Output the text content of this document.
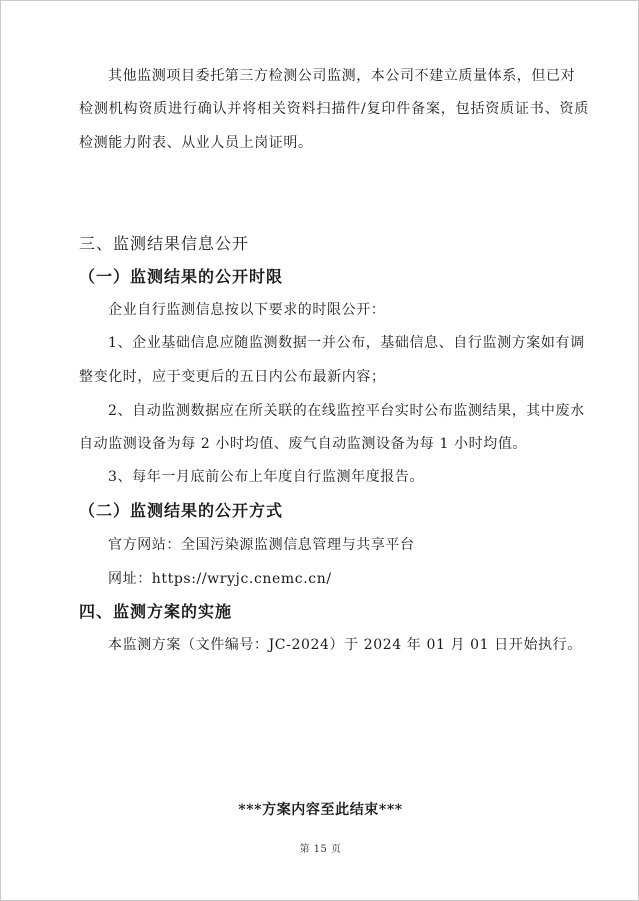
其他监测项目委托第三方检测公司监测，本公司不建立质量体系，但已对
检测机构资质进行确认并将相关资料扫描件/复印件备案，包括资质证书、资质
检测能力附表、从业人员上岗证明。
三、监测结果信息公开
（一）监测结果的公开时限
企业自行监测信息按以下要求的时限公开：
1、企业基础信息应随监测数据一并公布，基础信息、自行监测方案如有调
整变化时，应于变更后的五日内公布最新内容；
2、自动监测数据应在所关联的在线监控平台实时公布监测结果，其中废水
自动监测设备为每 2 小时均值、废气自动监测设备为每 1 小时均值。
3、每年一月底前公布上年度自行监测年度报告。
（二）监测结果的公开方式
官方网站：全国污染源监测信息管理与共享平台
网址：https://wryjc.cnemc.cn/
四、监测方案的实施
本监测方案（文件编号：JC-2024）于 2024 年 01 月 01 日开始执行。
***方案内容至此结束***
第 15 页
